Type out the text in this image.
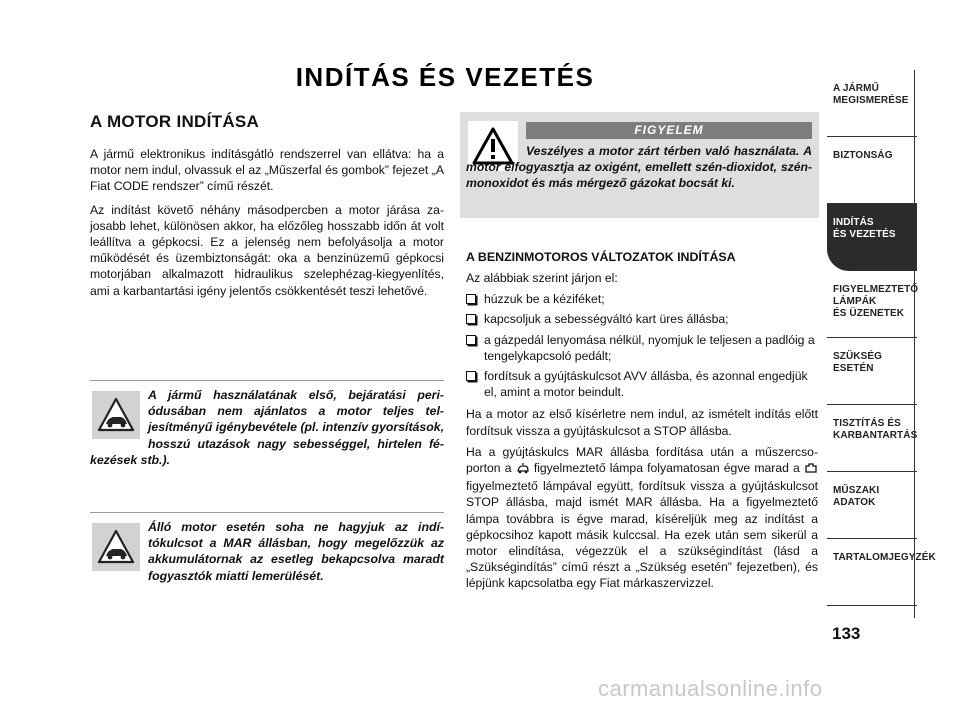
INDÍTÁS ÉS VEZETÉS
A MOTOR INDÍTÁSA

A jármű elektronikus indításgátló rendszerrel van ellátva: ha a motor nem indul, olvassuk el az „Műszerfal és gombok” fejezet „A Fiat CODE rendszer” című részét.

Az indítást követő néhány másodpercben a motor járása zajosabb lehet, különösen akkor, ha előzőleg hosszabb időn át volt leállítva a gépkocsi. Ez a jelenség nem befolyásolja a motor működését és üzembiztonságát: oka a benzinüzemű gépkocsi motorjában alkalmazott hidraulikus szelephézag-kiegyenlítés, ami a karbantartási igény jelentős csökkentését teszi lehetővé.

A jármű használatának első, bejáratási periódusában nem ajánlatos a motor teljes teljesítményű igénybevétele (pl. intenzív gyorsítások, hosszú utazások nagy sebességgel, hirtelen fékezések stb.).
Álló motor esetén soha ne hagyjuk az indítókulcsot a MAR állásban, hogy megelőzzük az akkumulátornak az esetleg bekapcsolva maradt fogyasztók miatti lemerülését.
FIGYELEM
Veszélyes a motor zárt térben való használata. A motor elfogyasztja az oxigént, emellett szén-dioxidot, szén-monoxidot és más mérgező gázokat bocsát ki.
A BENZINMOTOROS VÁLTOZATOK INDÍTÁSA

Az alábbiak szerint járjon el:

húzzuk be a kéziféket;
kapcsoljuk a sebességváltó kart üres állásba;
a gázpedál lenyomása nélkül, nyomjuk le teljesen a padlóig a tengelykapcsoló pedált;
fordítsuk a gyújtáskulcsot AVV állásba, és azonnal engedjük el, amint a motor beindult.

Ha a motor az első kísérletre nem indul, az ismételt indítás előtt fordítsuk vissza a gyújtáskulcsot a STOP állásba.

Ha a gyújtáskulcs MAR állásba fordítása után a műszercsoporton a figyelmeztető lámpa folyamatosan égve marad a  figyelmeztető lámpával együtt, fordítsuk vissza a gyújtáskulcsot STOP állásba, majd ismét MAR állásba. Ha a figyelmeztető lámpa továbbra is égve marad, kíséreljük meg az indítást a gépkocsihoz kapott másik kulccsal. Ha ezek után sem sikerül a motor elindítása, végezzük el a szükségindítást (lásd a „Szükségindítás” című részt a „Szükség esetén” fejezetben), és lépjünk kapcsolatba egy Fiat márkaszervizzel.

A JÁRMŰ
MEGISMERÉSE
BIZTONSÁG
INDÍTÁS
ÉS VEZETÉS
FIGYELMEZTETŐ
LÁMPÁK
ÉS ÜZENETEK
SZÜKSÉG
ESETÉN
TISZTÍTÁS ÉS
KARBANTARTÁS
MŰSZAKI
ADATOK
TARTALOMJEGYZÉK
133
carmanualsonline.info
